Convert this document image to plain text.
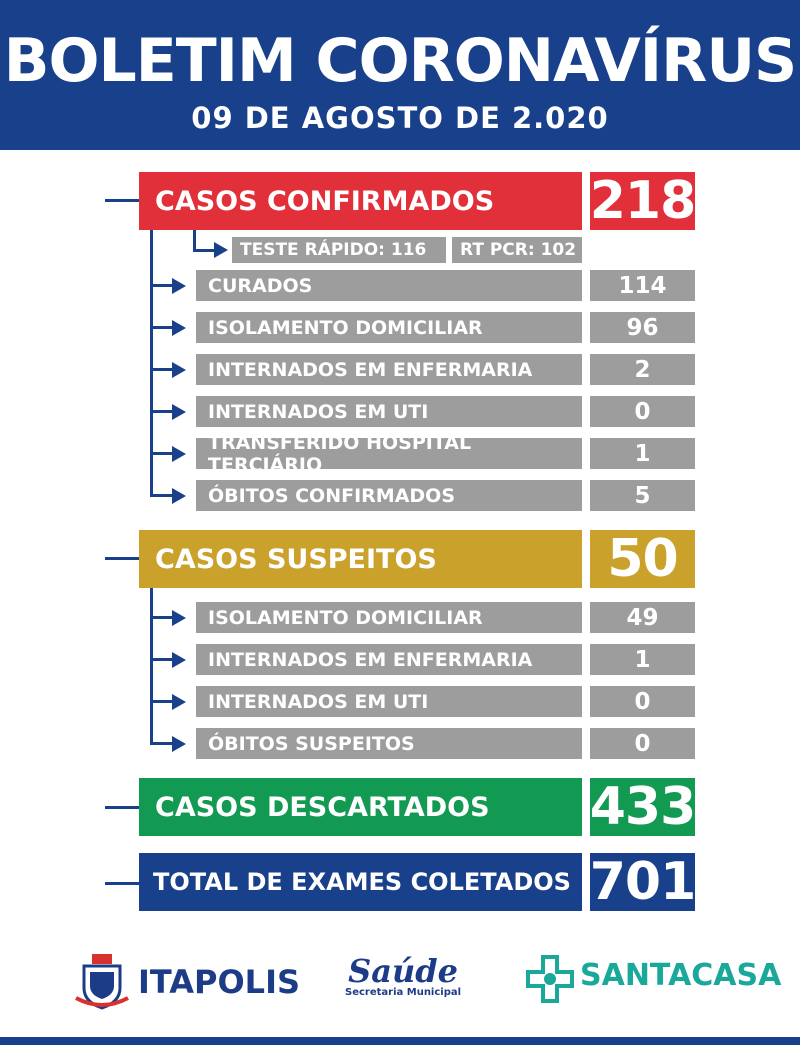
BOLETIM CORONAVÍRUS
09 DE AGOSTO DE 2.020
CASOS CONFIRMADOS	218
TESTE RÁPIDO: 116	RT PCR: 102
CURADOS	114
ISOLAMENTO DOMICILIAR	96
INTERNADOS EM ENFERMARIA	2
INTERNADOS EM UTI	0
TRANSFERIDO HOSPITAL TERCIÁRIO	1
ÓBITOS CONFIRMADOS	5
CASOS SUSPEITOS	50
ISOLAMENTO DOMICILIAR	49
INTERNADOS EM ENFERMARIA	1
INTERNADOS EM UTI	0
ÓBITOS SUSPEITOS	0
CASOS DESCARTADOS	433
TOTAL DE EXAMES COLETADOS 701
ITAPOLIS Saúde
Secretaria Municipal	SANTACASA
